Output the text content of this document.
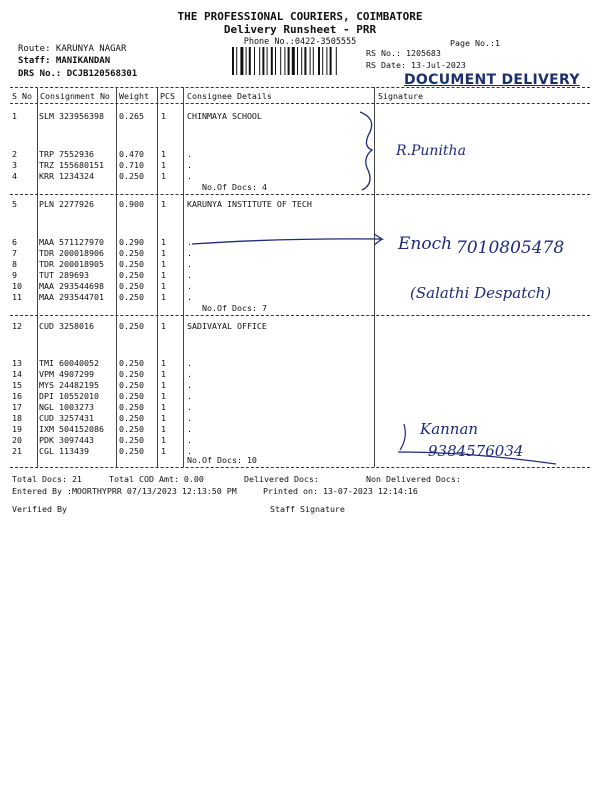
THE PROFESSIONAL COURIERS, COIMBATORE
Delivery Runsheet - PRR
Phone No.:0422-3505555	Page No.:1
Route: KARUNYA NAGAR
Staff: MANIKANDAN
DRS No.: DCJB120568301
RS No.: 1205683
RS Date: 13-Jul-2023
DOCUMENT DELIVERY
S No Consignment No Weight PCS Consignee Details	Signature
1	SLM 323956398 0.265 1	CHINMAYA SCHOOL
2	TRP 7552936	0.470 1	.
3	TRZ 155680151 0.710 1	.
4	KRR 1234324	0.250 1	.
No.Of Docs: 4
5	PLN 2277926	0.900 1	KARUNYA INSTITUTE OF TECH
6	MAA 571127970 0.290 1	.
7	TDR 200018906 0.250 1	.
8	TDR 200018905 0.250 1	.
9	TUT 289693	0.250 1	.
10 MAA 293544698 0.250 1	.
11 MAA 293544701 0.250 1	.
No.Of Docs: 7
12 CUD 3258016	0.250 1	SADIVAYAL OFFICE
13 TMI 60040052 0.250 1	.
14 VPM 4907299	0.250 1	.
15 MYS 24482195 0.250 1	.
16 DPI 10552010 0.250 1	.
17 NGL 1003273	0.250 1	.
18 CUD 3257431	0.250 1	.
19 IXM 504152086 0.250 1	.
20 PDK 3097443	0.250 1	.
21 CGL 113439	0.250 1	.
No.Of Docs: 10
Total Docs: 21	Total COD Amt: 0.00	Delivered Docs:	Non Delivered Docs:
Entered By :MOORTHYPRR 07/13/2023 12:13:50 PM	Printed on: 13-07-2023 12:14:16
Verified By	Staff Signature
R.Punitha
Enoch 7010805478
(Salathi Despatch)
Kannan
9384576034
